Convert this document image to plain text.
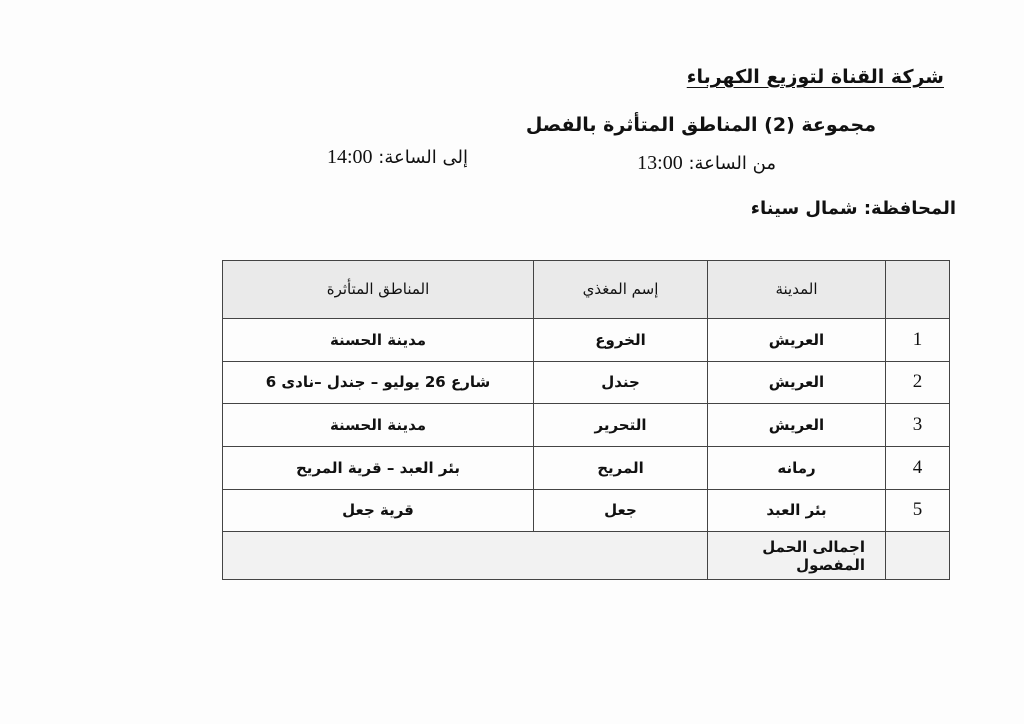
شركة القناة لتوزيع الكهرباء
مجموعة (2) المناطق المتأثرة بالفصل
من الساعة: 13:00
إلى الساعة: 14:00
المحافظة: شمال سيناء
	المدينة	إسم المغذي	المناطق المتأثرة
1	العريش	الخروع	مدينة الحسنة
2	العريش	جندل	شارع 26 يوليو – جندل –نادى 6
3	العريش	التحرير	مدينة الحسنة
4	رمانه	المريح	بئر العبد – قرية المريح
5	بئر العبد	جعل	قرية جعل
	اجمالى الحمل المفصول		
